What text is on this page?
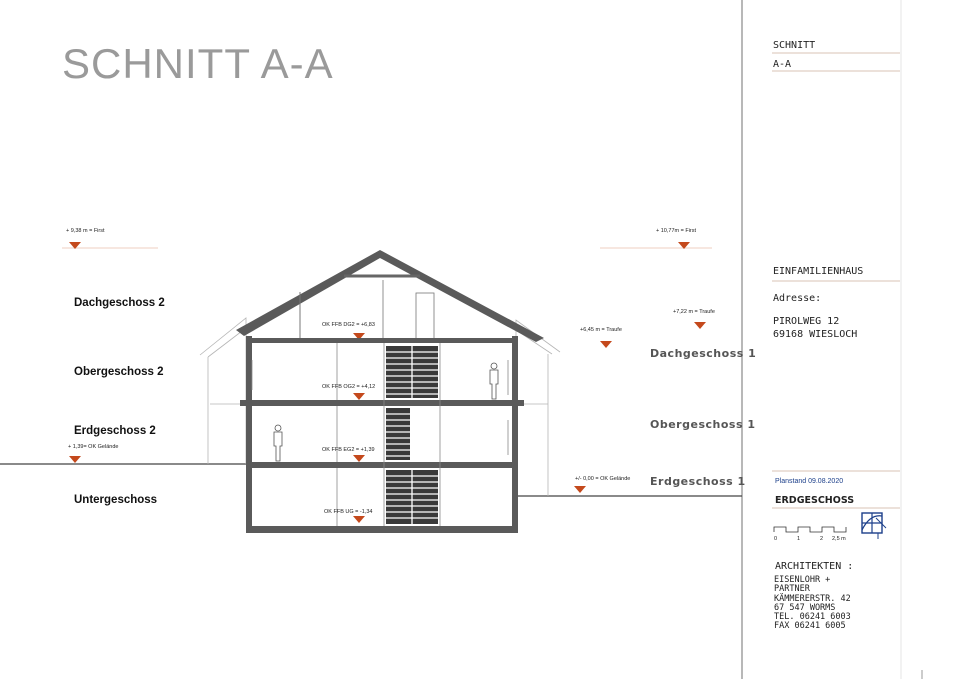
SCHNITT A-A
+ 9,38 m = First	+ 10,77m = First
+7,22 m = Traufe
+6,45 m = Traufe
OK FFB DG2 = +6,83
OK FFB OG2 = +4,12
OK FFB EG2 = +1,39
OK FFB UG = -1,34
+ 1,39= OK Gelände
+/- 0,00 = OK Gelände
Dachgeschoss 2
Obergeschoss 2
Erdgeschoss 2
Untergeschoss
Dachgeschoss 1
Obergeschoss 1
Erdgeschoss 1
SCHNITT
A-A
EINFAMILIENHAUS
Adresse:
PIROLWEG 12
69168 WIESLOCH
Planstand 09.08.2020
ERDGESCHOSS
0	1	2 2,5 m
ARCHITEKTEN :
EISENLOHR +
PARTNER
KÄMMERERSTR. 42
67 547 WORMS
TEL. 06241 6003
FAX 06241 6005
